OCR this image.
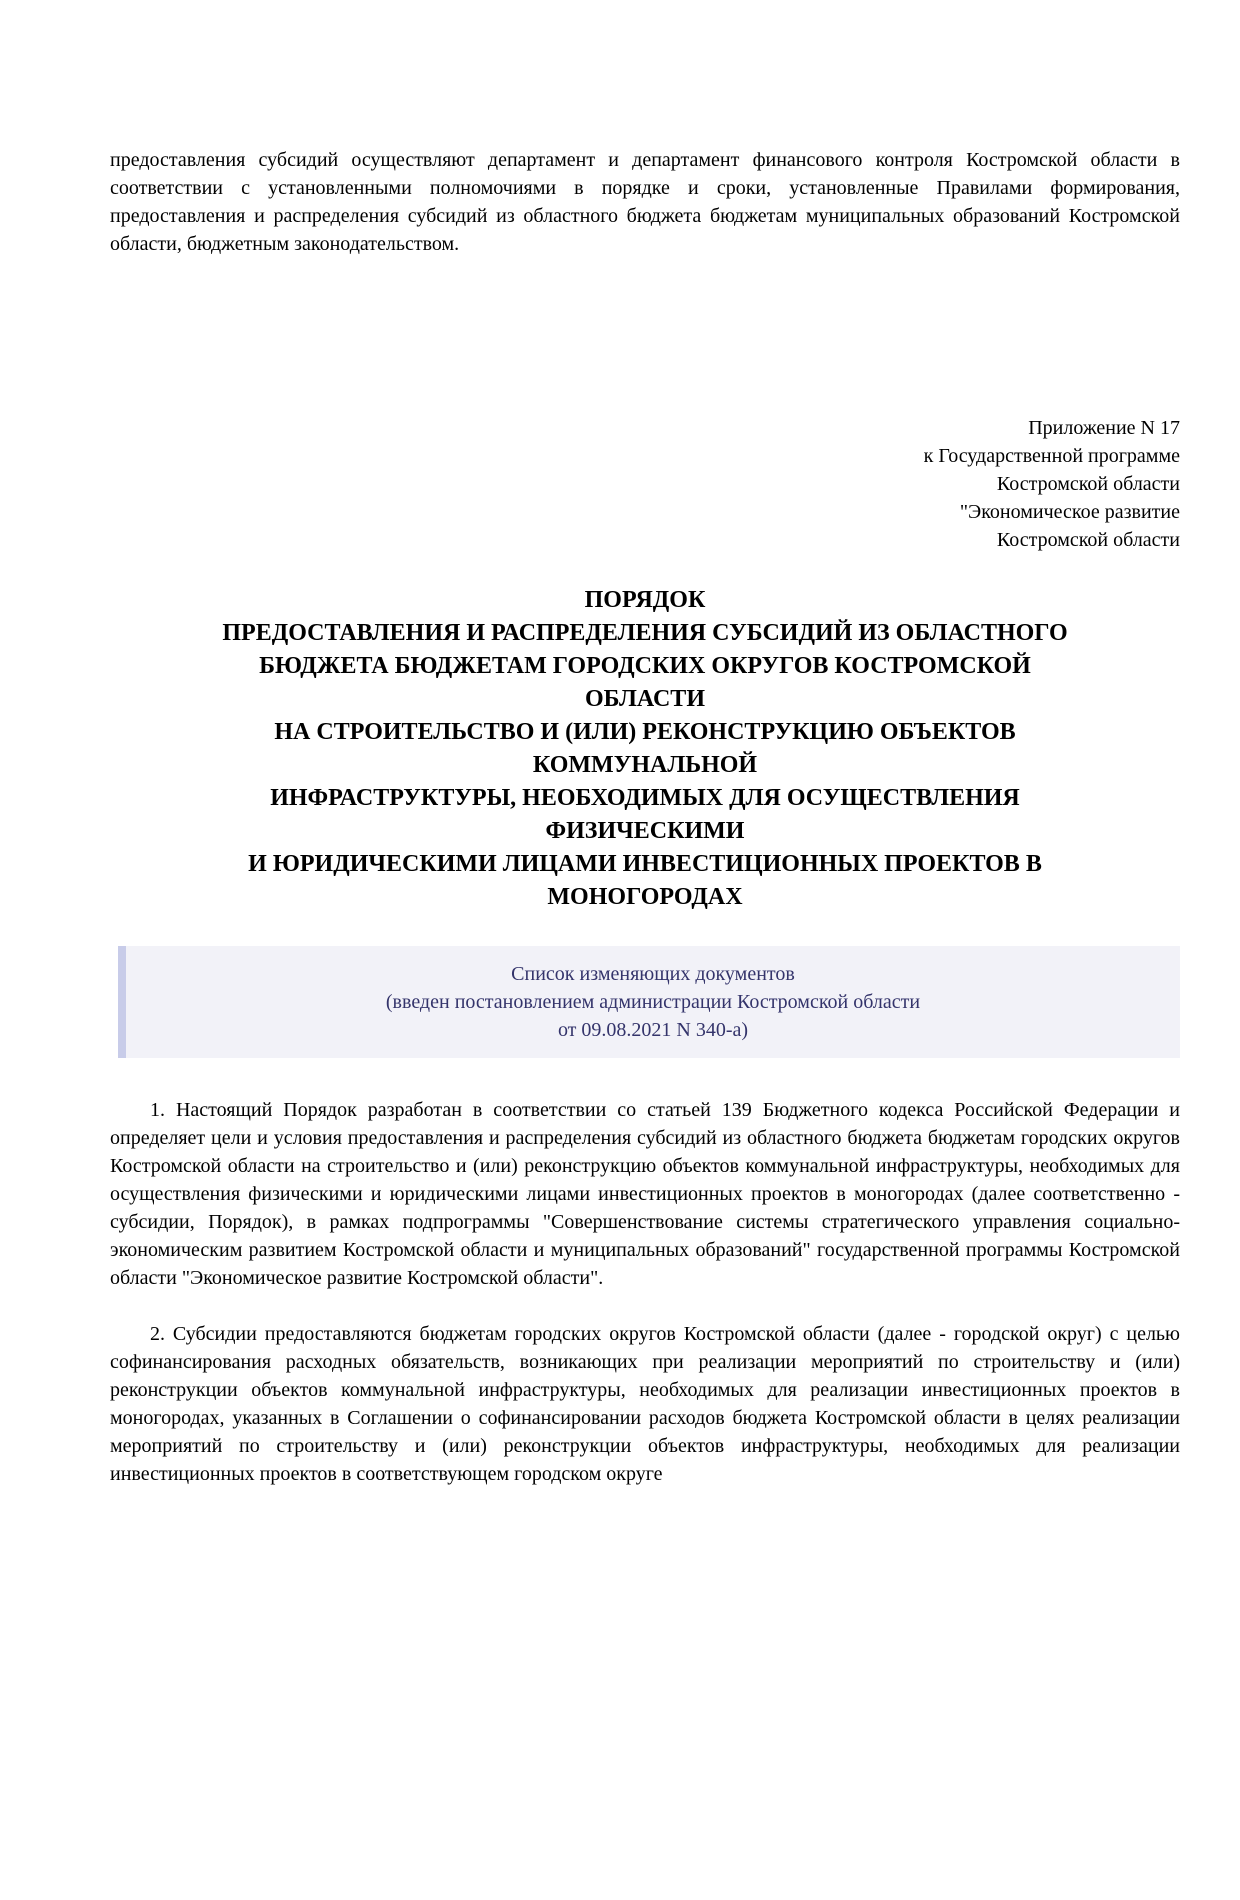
предоставления субсидий осуществляют департамент и департамент финансового контроля Костромской области в соответствии с установленными полномочиями в порядке и сроки, установленные Правилами формирования, предоставления и распределения субсидий из областного бюджета бюджетам муниципальных образований Костромской области, бюджетным законодательством.

Приложение N 17
к Государственной программе
Костромской области
"Экономическое развитие
Костромской области
ПОРЯДОК
ПРЕДОСТАВЛЕНИЯ И РАСПРЕДЕЛЕНИЯ СУБСИДИЙ ИЗ ОБЛАСТНОГО
БЮДЖЕТА БЮДЖЕТАМ ГОРОДСКИХ ОКРУГОВ КОСТРОМСКОЙ
ОБЛАСТИ
НА СТРОИТЕЛЬСТВО И (ИЛИ) РЕКОНСТРУКЦИЮ ОБЪЕКТОВ
КОММУНАЛЬНОЙ
ИНФРАСТРУКТУРЫ, НЕОБХОДИМЫХ ДЛЯ ОСУЩЕСТВЛЕНИЯ
ФИЗИЧЕСКИМИ
И ЮРИДИЧЕСКИМИ ЛИЦАМИ ИНВЕСТИЦИОННЫХ ПРОЕКТОВ В
МОНОГОРОДАХ
Список изменяющих документов
(введен постановлением администрации Костромской области
от 09.08.2021 N 340-а)

1. Настоящий Порядок разработан в соответствии со статьей 139 Бюджетного кодекса Российской Федерации и определяет цели и условия предоставления и распределения субсидий из областного бюджета бюджетам городских округов Костромской области на строительство и (или) реконструкцию объектов коммунальной инфраструктуры, необходимых для осуществления физическими и юридическими лицами инвестиционных проектов в моногородах (далее соответственно - субсидии, Порядок), в рамках подпрограммы "Совершенствование системы стратегического управления социально-экономическим развитием Костромской области и муниципальных образований" государственной программы Костромской области "Экономическое развитие Костромской области".

2. Субсидии предоставляются бюджетам городских округов Костромской области (далее - городской округ) с целью софинансирования расходных обязательств, возникающих при реализации мероприятий по строительству и (или) реконструкции объектов коммунальной инфраструктуры, необходимых для реализации инвестиционных проектов в моногородах, указанных в Соглашении о софинансировании расходов бюджета Костромской области в целях реализации мероприятий по строительству и (или) реконструкции объектов инфраструктуры, необходимых для реализации инвестиционных проектов в соответствующем городском округе
